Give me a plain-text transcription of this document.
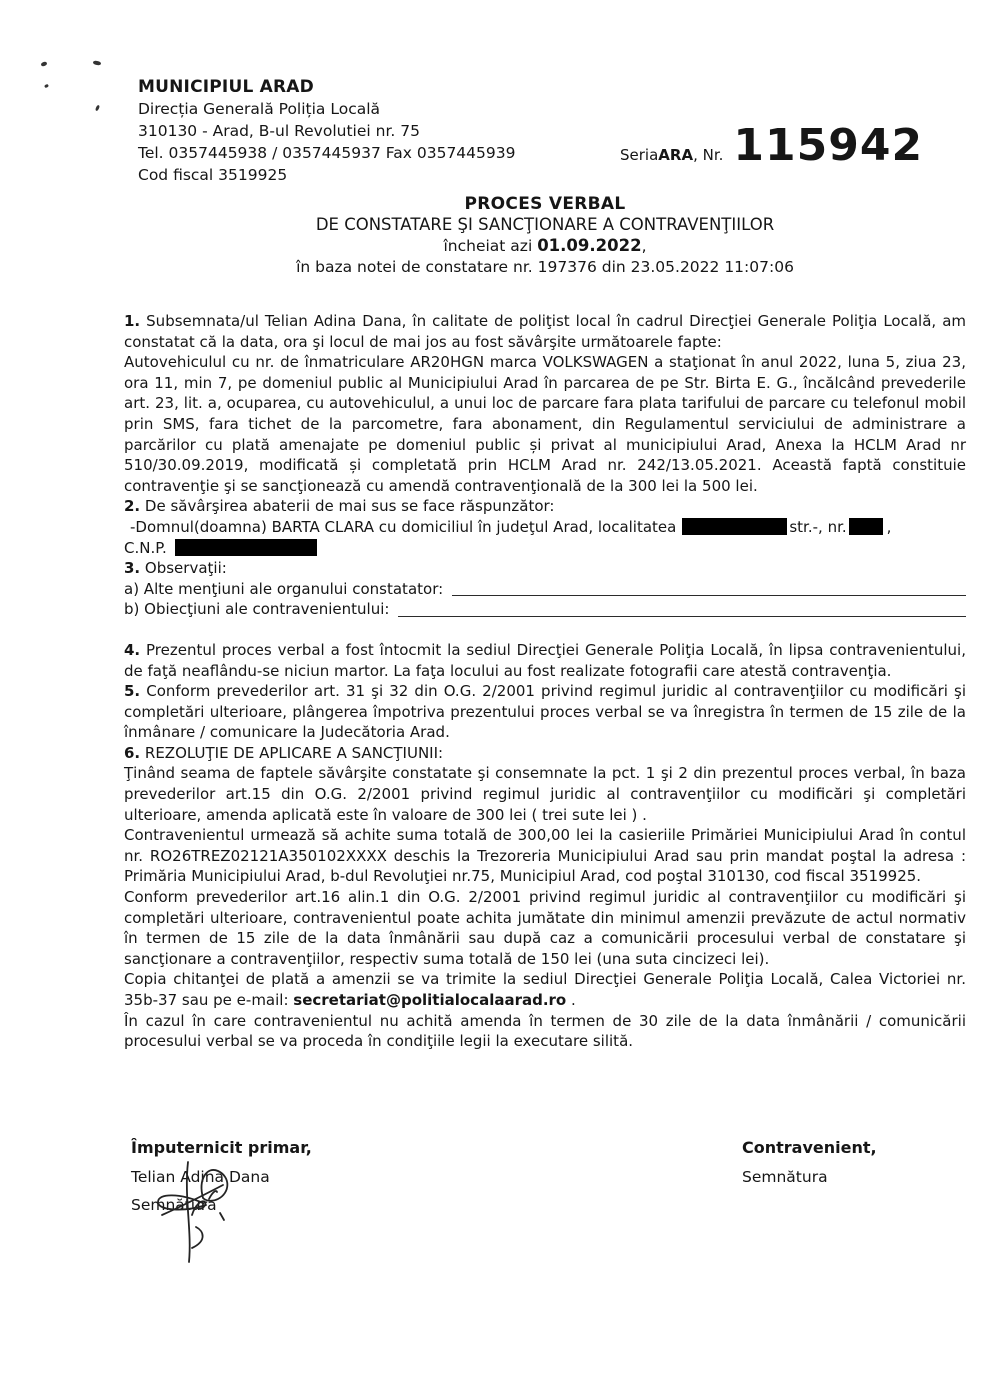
MUNICIPIUL ARAD
Direcția Generală Poliția Locală
310130 - Arad, B-ul Revolutiei nr. 75
Tel. 0357445938 / 0357445937 Fax 0357445939
Cod fiscal 3519925
Seria ARA , Nr. 115942
PROCES VERBAL
DE CONSTATARE ŞI SANCŢIONARE A CONTRAVENŢIILOR
încheiat azi 01.09.2022,
în baza notei de constatare nr. 197376 din 23.05.2022 11:07:06

1. Subsemnata/ul Telian Adina Dana, în calitate de poliţist local în cadrul Direcţiei Generale Poliţia Locală, am constatat că la data, ora şi locul de mai jos au fost săvârşite următoarele fapte:

Autovehiculul cu nr. de înmatriculare AR20HGN marca VOLKSWAGEN a staţionat în anul 2022, luna 5, ziua 23, ora 11, min 7, pe domeniul public al Municipiului Arad în parcarea de pe Str. Birta E. G., încălcând prevederile art. 23, lit. a, ocuparea, cu autovehiculul, a unui loc de parcare fara plata tarifului de parcare cu telefonul mobil prin SMS, fara tichet de la parcometre, fara abonament, din Regulamentul serviciului de administrare a parcărilor cu plată amenajate pe domeniul public și privat al municipiului Arad, Anexa la HCLM Arad nr 510/30.09.2019, modificată și completată prin HCLM Arad nr. 242/13.05.2021. Această faptă constituie contravenţie şi se sancţionează cu amendă contravenţională de la 300 lei la 500 lei.

2. De săvârşirea abaterii de mai sus se face răspunzător:

-Domnul(doamna) BARTA CLARA cu domiciliul în judeţul Arad, localitatea	str.-, nr.	,

C.N.P.

3. Observaţii:

a) Alte menţiuni ale organului constatator:
b) Obiecţiuni ale contravenientului:

4. Prezentul proces verbal a fost întocmit la sediul Direcţiei Generale Poliţia Locală, în lipsa contravenientului, de faţă neaflându-se niciun martor. La faţa locului au fost realizate fotografii care atestă contravenţia.

5. Conform prevederilor art. 31 şi 32 din O.G. 2/2001 privind regimul juridic al contravenţiilor cu modificări şi completări ulterioare, plângerea împotriva prezentului proces verbal se va înregistra în termen de 15 zile de la înmânare / comunicare la Judecătoria Arad.

6. REZOLUŢIE DE APLICARE A SANCŢIUNII:

Ţinând seama de faptele săvârşite constatate şi consemnate la pct. 1 şi 2 din prezentul proces verbal, în baza prevederilor art.15 din O.G. 2/2001 privind regimul juridic al contravenţiilor cu modificări şi completări ulterioare, amenda aplicată este în valoare de 300 lei ( trei sute lei ) .

Contravenientul urmează să achite suma totală de 300,00 lei la casieriile Primăriei Municipiului Arad în contul nr. RO26TREZ02121A350102XXXX deschis la Trezoreria Municipiului Arad sau prin mandat poştal la adresa : Primăria Municipiului Arad, b-dul Revoluţiei nr.75, Municipiul Arad, cod poştal 310130, cod fiscal 3519925.

Conform prevederilor art.16 alin.1 din O.G. 2/2001 privind regimul juridic al contravenţiilor cu modificări şi completări ulterioare, contravenientul poate achita jumătate din minimul amenzii prevăzute de actul normativ în termen de 15 zile de la data înmânării sau după caz a comunicării procesului verbal de constatare şi sancţionare a contravenţiilor, respectiv suma totală de 150 lei (una suta cincizeci lei).

Copia chitanţei de plată a amenzii se va trimite la sediul Direcţiei Generale Poliţia Locală, Calea Victoriei nr. 35b-37 sau pe e-mail: secretariat@politialocalaarad.ro .

În cazul în care contravenientul nu achită amenda în termen de 30 zile de la data înmânării / comunicării procesului verbal se va proceda în condiţiile legii la executare silită.

Împuternicit primar,
Telian Adina Dana
Semnătura
Contravenient,
Semnătura
